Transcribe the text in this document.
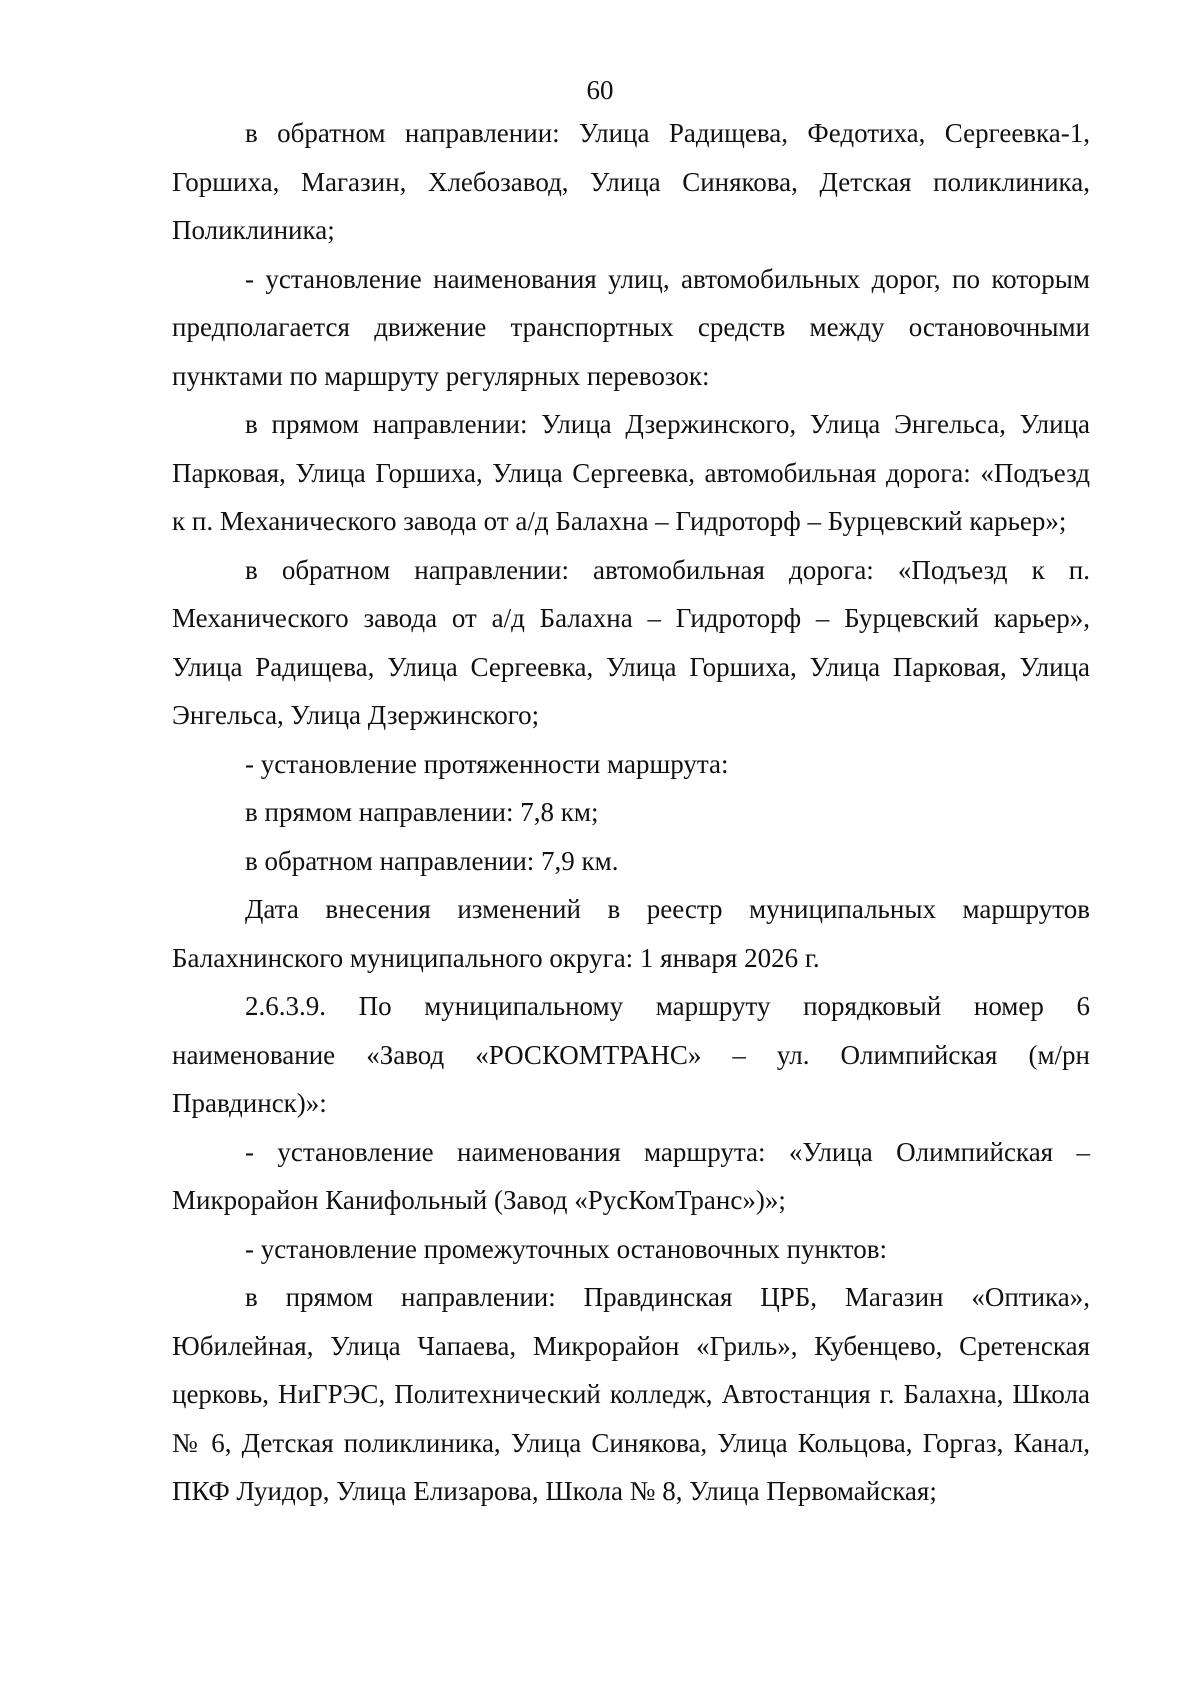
60

в обратном направлении: Улица Радищева, Федотиха, Сергеевка-1, Горшиха, Магазин, Хлебозавод, Улица Синякова, Детская поликлиника, Поликлиника;

- установление наименования улиц, автомобильных дорог, по которым предполагается движение транспортных средств между остановочными пунктами по маршруту регулярных перевозок:

в прямом направлении: Улица Дзержинского, Улица Энгельса, Улица Парковая, Улица Горшиха, Улица Сергеевка, автомобильная дорога: «Подъезд к п. Механического завода от а/д Балахна – Гидроторф – Бурцевский карьер»;

в обратном направлении: автомобильная дорога: «Подъезд к п. Механического завода от а/д Балахна – Гидроторф – Бурцевский карьер», Улица Радищева, Улица Сергеевка, Улица Горшиха, Улица Парковая, Улица Энгельса, Улица Дзержинского;

- установление протяженности маршрута:

в прямом направлении: 7,8 км;

в обратном направлении: 7,9 км.

Дата внесения изменений в реестр муниципальных маршрутов Балахнинского муниципального округа: 1 января 2026 г.

2.6.3.9. По муниципальному маршруту порядковый номер 6 наименование «Завод «РОСКОМТРАНС» – ул. Олимпийская (м/рн Правдинск)»:

- установление наименования маршрута: «Улица Олимпийская – Микрорайон Канифольный (Завод «РусКомТранс»)»;

- установление промежуточных остановочных пунктов:

в прямом направлении: Правдинская ЦРБ, Магазин «Оптика», Юбилейная, Улица Чапаева, Микрорайон «Гриль», Кубенцево, Сретенская церковь, НиГРЭС, Политехнический колледж, Автостанция г. Балахна, Школа № 6, Детская поликлиника, Улица Синякова, Улица Кольцова, Горгаз, Канал, ПКФ Луидор, Улица Елизарова, Школа № 8, Улица Первомайская;
